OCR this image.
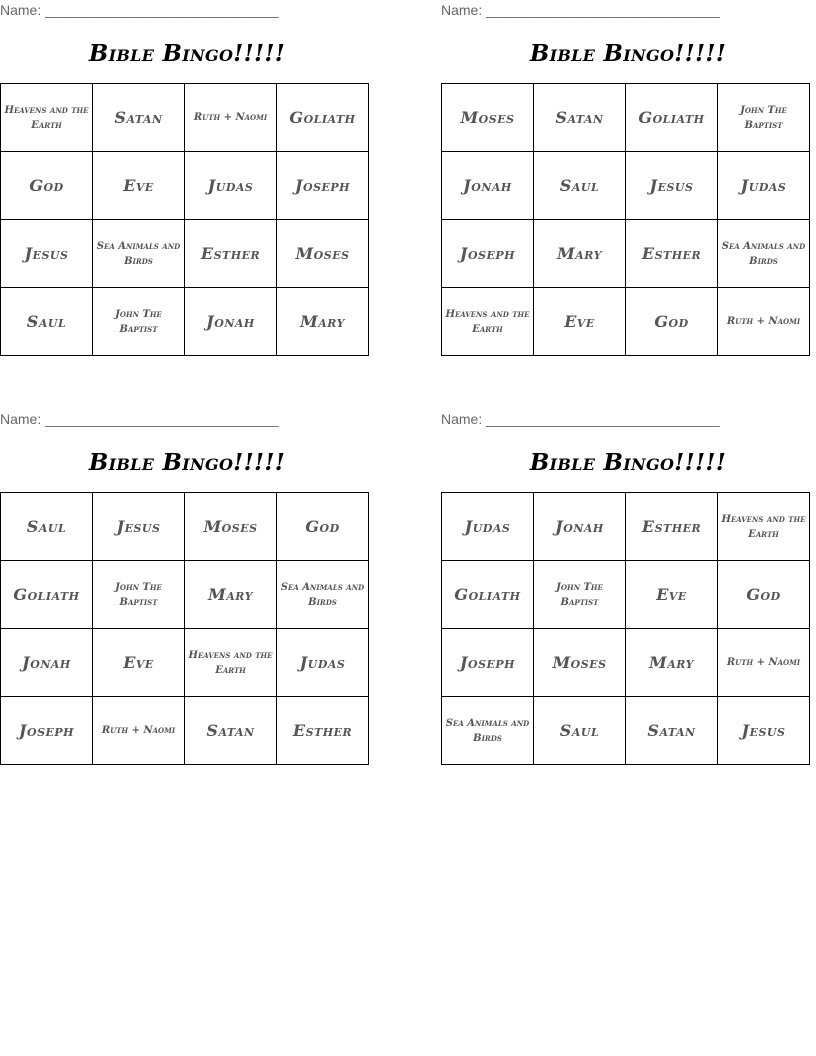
Name: ______________________________
Bible Bingo!!!!!
Heavens and the Earth	Satan	Ruth + Naomi	Goliath
God	Eve	Judas	Joseph
Jesus	Sea Animals and Birds	Esther	Moses
Saul	John The Baptist	Jonah	Mary
Name: ______________________________
Bible Bingo!!!!!
Moses	Satan	Goliath	John The Baptist
Jonah	Saul	Jesus	Judas
Joseph	Mary	Esther	Sea Animals and Birds
Heavens and the Earth	Eve	God	Ruth + Naomi
Name: ______________________________
Bible Bingo!!!!!
Saul	Jesus	Moses	God
Goliath	John The Baptist	Mary	Sea Animals and Birds
Jonah	Eve	Heavens and the Earth	Judas
Joseph	Ruth + Naomi	Satan	Esther
Name: ______________________________
Bible Bingo!!!!!
Judas	Jonah	Esther	Heavens and the Earth
Goliath	John The Baptist	Eve	God
Joseph	Moses	Mary	Ruth + Naomi
Sea Animals and Birds	Saul	Satan	Jesus
